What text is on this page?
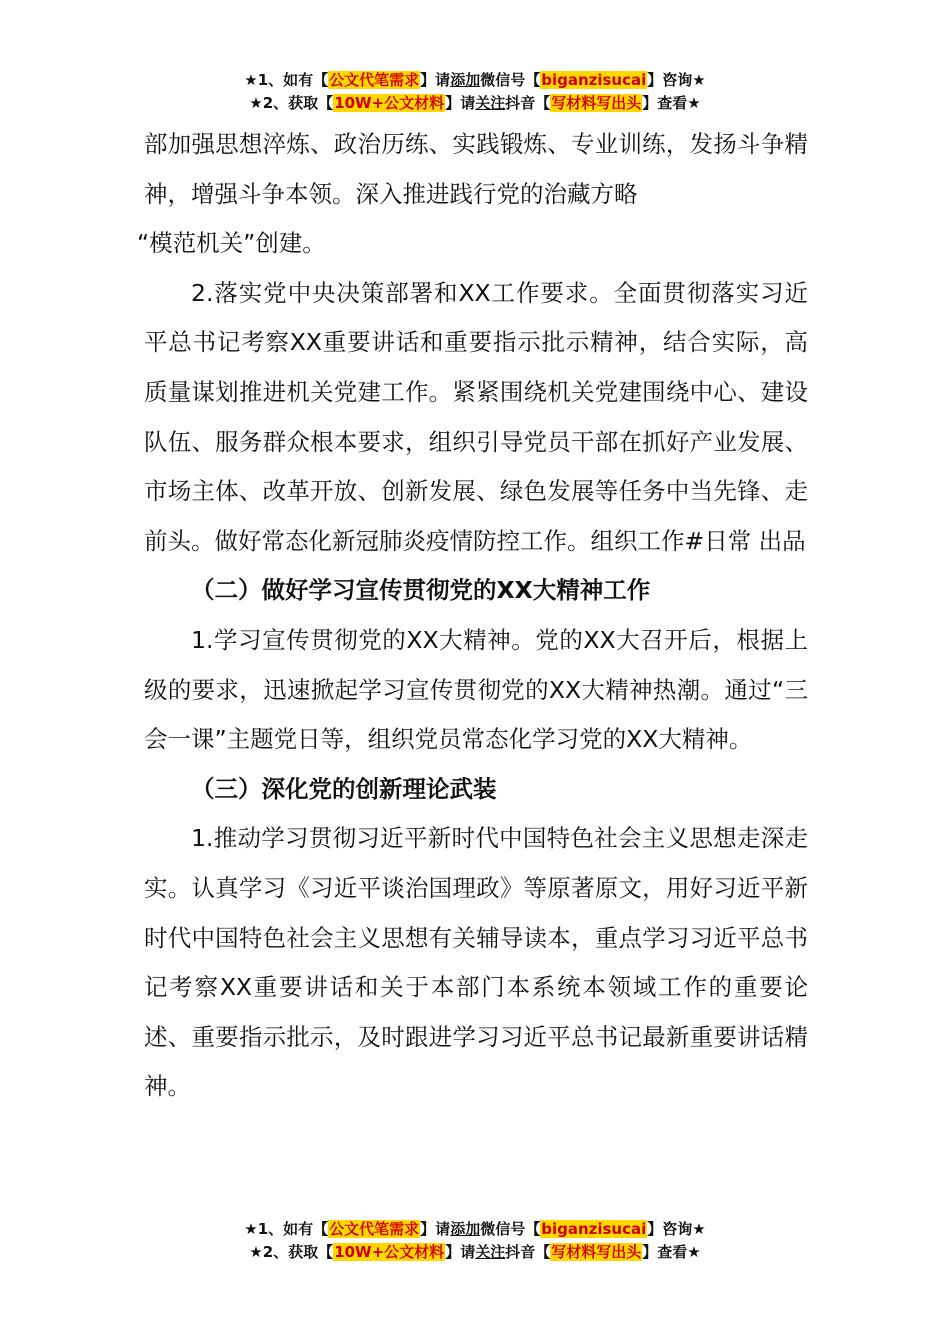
★1、如有【公文代笔需求】请添加微信号【biganzisucai】咨询★
★2、获取【10W+公文材料】请关注抖音【写材料写出头】查看★

部加强思想淬炼、政治历练、实践锻炼、专业训练，发扬斗争精神，增强斗争本领。深入推进践行党的治藏方略

“模范机关”创建。

2.落实党中央决策部署和XX工作要求。全面贯彻落实习近平总书记考察XX重要讲话和重要指示批示精神，结合实际，高质量谋划推进机关党建工作。紧紧围绕机关党建围绕中心、建设队伍、服务群众根本要求，组织引导党员干部在抓好产业发展、市场主体、改革开放、创新发展、绿色发展等任务中当先锋、走前头。做好常态化新冠肺炎疫情防控工作。组织工作#日常 出品

（二）做好学习宣传贯彻党的XX大精神工作

1.学习宣传贯彻党的XX大精神。党的XX大召开后，根据上级的要求，迅速掀起学习宣传贯彻党的XX大精神热潮。通过“三会一课”主题党日等，组织党员常态化学习党的XX大精神。

（三）深化党的创新理论武装

1.推动学习贯彻习近平新时代中国特色社会主义思想走深走实。认真学习《习近平谈治国理政》等原著原文，用好习近平新时代中国特色社会主义思想有关辅导读本，重点学习习近平总书记考察XX重要讲话和关于本部门本系统本领域工作的重要论述、重要指示批示，及时跟进学习习近平总书记最新重要讲话精神。

★1、如有【公文代笔需求】请添加微信号【biganzisucai】咨询★
★2、获取【10W+公文材料】请关注抖音【写材料写出头】查看★
